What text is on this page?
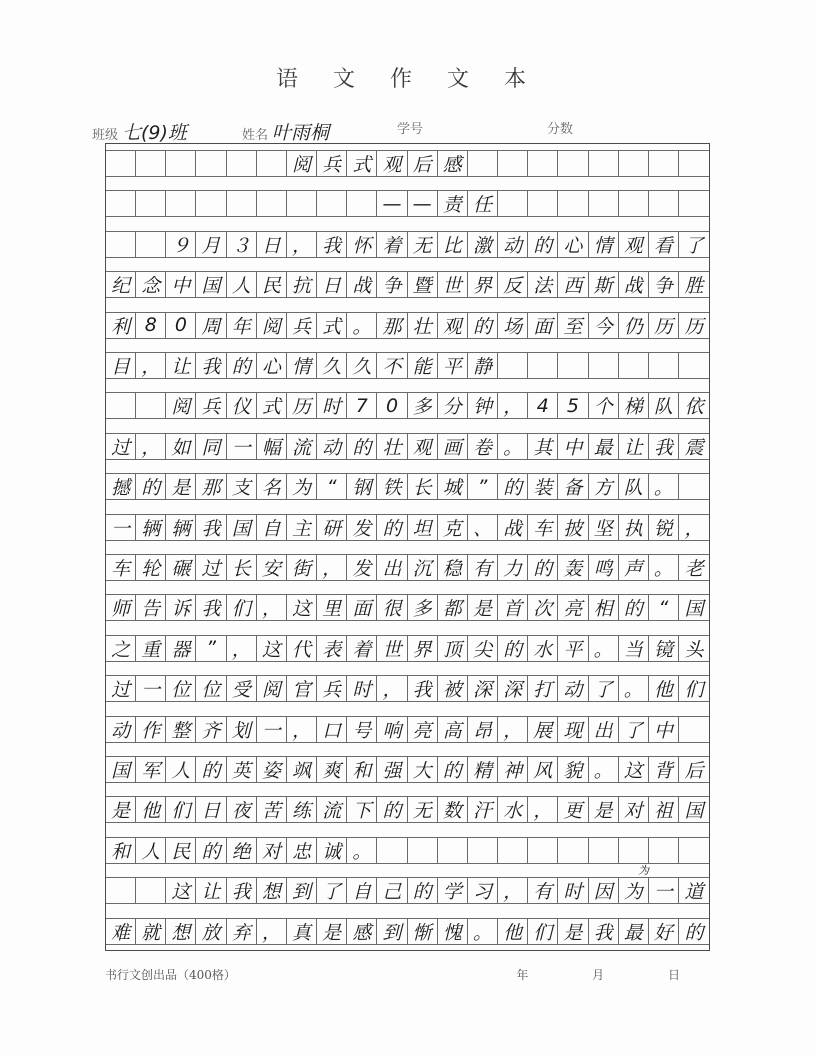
语 文 作 文 本
班级 七(9)班	姓名 叶雨桐	学号	分数
阅 兵 式 观 后 感
— — 责 任
９ 月 ３ 日 ， 我 怀 着 无 比 激 动 的 心 情 观 看 了
纪 念 中 国 人 民 抗 日 战 争 暨 世 界 反 法 西 斯 战 争 胜
利 8 0 周 年 阅 兵 式 。 那 壮 观 的 场 面 至 今 仍 历 历
目 ， 让 我 的 心 情 久 久 不 能 平 静
阅 兵 仪 式 历 时 7 0 多 分 钟 ， 4 5 个 梯 队 依
过 ， 如 同 一 幅 流 动 的 壮 观 画 卷 。 其 中 最 让 我 震
撼 的 是 那 支 名 为 “ 钢 铁 长 城 ” 的 装 备 方 队 。
一 辆 辆 我 国 自 主 研 发 的 坦 克 、 战 车 披 坚 执 锐 ，
车 轮 碾 过 长 安 街 ， 发 出 沉 稳 有 力 的 轰 鸣 声 。 老
师 告 诉 我 们 ， 这 里 面 很 多 都 是 首 次 亮 相 的 “ 国
之 重 器 ” ， 这 代 表 着 世 界 顶 尖 的 水 平 。 当 镜 头
过 一 位 位 受 阅 官 兵 时 ， 我 被 深 深 打 动 了 。 他 们
动 作 整 齐 划 一 ， 口 号 响 亮 高 昂 ， 展 现 出 了 中
国 军 人 的 英 姿 飒 爽 和 强 大 的 精 神 风 貌 。 这 背 后
是 他 们 日 夜 苦 练 流 下 的 无 数 汗 水 ， 更 是 对 祖 国
和 人 民 的 绝 对 忠 诚 。
这 让 我 想 到 了 自 己 的 学 习 ， 有 时 因 为 一 道
难 就 想 放 弃 ， 真 是 感 到 惭 愧 。 他 们 是 我 最 好 的
为
书行文创出品（400格）	年 月 日
